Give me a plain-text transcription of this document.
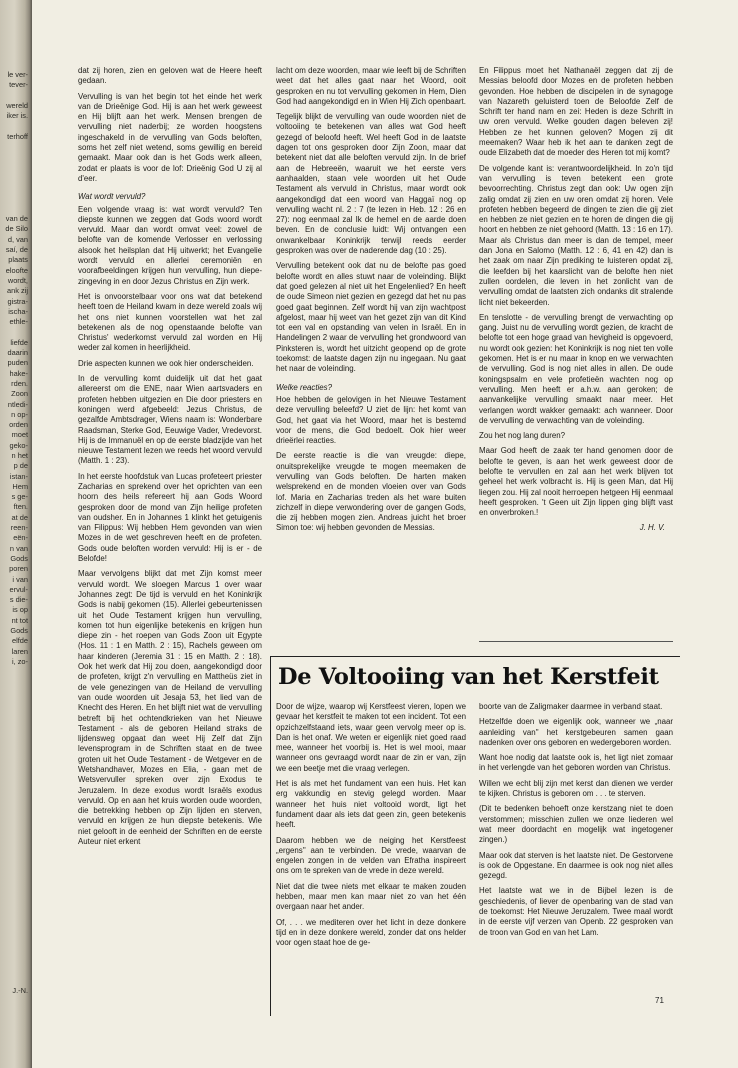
le ver-
tever-

wereld
iker is.

terhoff

van de
de Silo
d, van
saí, de
plaats
eloofte
wordt,
ank zij
gistra-
ischa-
ethle-

liefde
daarin
puden
hake-
rden.
Zoon
ntledi-
n op-
orden
moet
geko-
n het
p de
istan-
Hem
s ge-
ften.
at de
reen-
eën-
n van
Gods
poren
i van
ervul-
s die-
is op
nt tot
Gods
elfde
laren
i, zo-

J.-N.

dat zij horen, zien en geloven wat de Heere heeft gedaan.

Vervulling is van het begin tot het einde het werk van de Drieënige God. Hij is aan het werk geweest en Hij blijft aan het werk. Mensen brengen de vervulling niet naderbij; ze worden hoogstens ingeschakeld in de vervulling van Gods beloften, soms het zelf niet wetend, soms gewillig en bereid gemaakt. Maar ook dan is het Gods werk alleen, zodat er plaats is voor de lof: Drieënig God U zij al d'eer.

Wat wordt vervuld?

Een volgende vraag is: wat wordt vervuld? Ten diepste kunnen we zeggen dat Gods woord wordt vervuld. Maar dan wordt omvat veel: zowel de belofte van de komende Verlosser en verlossing alsook het heilsplan dat Hij uitwerkt; het Evangelie wordt vervuld en allerlei ceremoniën en voorafbeeldingen krijgen hun vervulling, hun diepe-zingeving in en door Jezus Christus en Zijn werk.

Het is onvoorstelbaar voor ons wat dat betekend heeft toen de Heiland kwam in deze wereld zoals wij het ons niet kunnen voorstellen wat het zal betekenen als de nog openstaande belofte van Christus' wederkomst vervuld zal worden en Hij weder zal komen in heerlijkheid.

Drie aspecten kunnen we ook hier onderscheiden.

In de vervulling komt duidelijk uit dat het gaat allereerst om die ENE, naar Wien aartsvaders en profeten hebben uitgezien en Die door priesters en koningen werd afgebeeld: Jezus Christus, de gezalfde Ambtsdrager, Wiens naam is: Wonderbare Raadsman, Sterke God, Eeuwige Vader, Vredevorst. Hij is de Immanuël en op de eerste bladzijde van het nieuwe Testament lezen we reeds het woord vervuld (Matth. 1 : 23).

In het eerste hoofdstuk van Lucas profeteert priester Zacharias en sprekend over het oprichten van een hoorn des heils refereert hij aan Gods Woord gesproken door de mond van Zijn heilige profeten van oudsher. En in Johannes 1 klinkt het getuigenis van Filippus: Wij hebben Hem gevonden van wien Mozes in de wet geschreven heeft en de profeten. Gods oude beloften worden vervuld: Hij is er - de Belofde!

Maar vervolgens blijkt dat met Zijn komst meer vervuld wordt. We sloegen Marcus 1 over waar Johannes zegt: De tijd is vervuld en het Koninkrijk Gods is nabij gekomen (15). Allerlei gebeurtenissen uit het Oude Testament krijgen hun vervulling, komen tot hun eigenlijke betekenis en krijgen hun diepe zin - het roepen van Gods Zoon uit Egypte (Hos. 11 : 1 en Matth. 2 : 15), Rachels geween om haar kinderen (Jeremia 31 : 15 en Matth. 2 : 18). Ook het werk dat Hij zou doen, aangekondigd door de profeten, krijgt z'n vervulling en Mattheüs ziet in de vele genezingen van de Heiland de vervulling van oude woorden uit Jesaja 53, het lied van de Knecht des Heren. En het blijft niet wat de vervulling betreft bij het ochtendkrieken van het Nieuwe Testament - als de geboren Heiland straks de lijdensweg opgaat dan weet Hij Zelf dat Zijn levensprogram in de Schriften staat en de twee groten uit het Oude Testament - de Wetgever en de Wetshandhaver, Mozes en Elia, - gaan met de Wetsvervuller spreken over zijn Exodus te Jeruzalem. In deze exodus wordt Israëls exodus vervuld. Op en aan het kruis worden oude woorden, die betrekking hebben op Zijn lijden en sterven, vervuld en krijgen ze hun diepste betekenis. Wie niet gelooft in de eenheid der Schriften en de eerste Auteur niet erkent

lacht om deze woorden, maar wie leeft bij de Schriften weet dat het alles gaat naar het Woord, ooit gesproken en nu tot vervulling gekomen in Hem, Dien God had aangekondigd en in Wien Hij Zich openbaart.

Tegelijk blijkt de vervulling van oude woorden niet de voltooiing te betekenen van alles wat God heeft gezegd of beloofd heeft. Wel heeft God in de laatste dagen tot ons gesproken door Zijn Zoon, maar dat betekent niet dat alle beloften vervuld zijn. In de brief aan de Hebreeën, waaruit we het eerste vers aanhaalden, staan vele woorden uit het Oude Testament als vervuld in Christus, maar wordt ook aangekondigd dat een woord van Haggaï nog op vervulling wacht nl. 2 : 7 (te lezen in Heb. 12 : 26 en 27): nog eenmaal zal Ik de hemel en de aarde doen beven. En de conclusie luidt: Wij ontvangen een onwankelbaar Koninkrijk terwijl reeds eerder gesproken was over de naderende dag (10 : 25).

Vervulling betekent ook dat nu de belofte pas goed belofte wordt en alles stuwt naar de voleinding. Blijkt dat goed gelezen al niet uit het Engelenlied? En heeft de oude Simeon niet gezien en gezegd dat het nu pas goed gaat beginnen. Zelf wordt hij van zijn wachtpost afgelost, maar hij weet van het gezet zijn van dit Kind tot een val en opstanding van velen in Israël. En in Handelingen 2 waar de vervulling het grondwoord van Pinksteren is, wordt het uitzicht geopend op de grote toekomst: de laatste dagen zijn nu ingegaan. Nu gaat het naar de voleinding.

Welke reacties?

Hoe hebben de gelovigen in het Nieuwe Testament deze vervulling beleefd? U ziet de lijn: het komt van God, het gaat via het Woord, maar het is bestemd voor de mens, die God bedoelt. Ook hier weer drieërlei reacties.

De eerste reactie is die van vreugde: diepe, onuitsprekelijke vreugde te mogen meemaken de vervulling van Gods beloften. De harten maken welsprekend en de monden vloeien over van Gods lof. Maria en Zacharias treden als het ware buiten zichzelf in diepe verwondering over de gangen Gods, die zij hebben mogen zien. Andreas juicht het broer Simon toe: wij hebben gevonden de Messias.

En Filippus moet het Nathanaël zeggen dat zij de Messias beloofd door Mozes en de profeten hebben gevonden. Hoe hebben de discipelen in de synagoge van Nazareth geluisterd toen de Beloofde Zelf de Schrift ter hand nam en zei: Heden is deze Schrift in uw oren vervuld. Welke gouden dagen beleven zij! Hebben ze het kunnen geloven? Mogen zij dit meemaken? Waar heb ik het aan te danken zegt de oude Elizabeth dat de moeder des Heren tot mij komt?

De volgende kant is: verantwoordelijkheid. In zo'n tijd van vervulling is teven betekent een grote bevoorrechting. Christus zegt dan ook: Uw ogen zijn zalig omdat zij zien en uw oren omdat zij horen. Vele profeten hebben begeerd de dingen te zien die gij ziet en hebben ze niet gezien en te horen de dingen die gij hoort en hebben ze niet gehoord (Matth. 13 : 16 en 17). Maar als Christus dan meer is dan de tempel, meer dan Jona en Salomo (Matth. 12 : 6, 41 en 42) dan is het zaak om naar Zijn prediking te luisteren opdat zij, die leefden bij het kaarslicht van de belofte hen niet zullen oordelen, die leven in het zonlicht van de vervulling omdat de laatsten zich ondanks dit stralende licht niet bekeerden.

En tenslotte - de vervulling brengt de verwachting op gang. Juist nu de vervulling wordt gezien, de kracht de belofte tot een hoge graad van hevigheid is opgevoerd, nu wordt ook gezien: het Koninkrijk is nog niet ten volle gekomen. Het is er nu maar in knop en we verwachten de vervulling. God is nog niet alles in allen. De oude koningspsalm en vele profetieën wachten nog op vervulling. Men heeft er a.h.w. aan geroken; de aanvankelijke vervulling smaakt naar meer. Het verlangen wordt wakker gemaakt: ach wanneer. Door de vervulling de verwachting van de voleinding.

Zou het nog lang duren?

Maar God heeft de zaak ter hand genomen door de belofte te geven, is aan het werk geweest door de belofte te vervullen en zal aan het werk blijven tot geheel het werk volbracht is. Hij is geen Man, dat Hij liegen zou. Hij zal nooit herroepen hetgeen Hij eenmaal heeft gesproken. 't Geen uit Zijn lippen ging blijft vast en onverbroken.!

J. H. V.

De Voltooiing van het Kerstfeit

Door de wijze, waarop wij Kerstfeest vieren, lopen we gevaar het kerstfeit te maken tot een incident. Tot een opzichzelfstaand iets, waar geen vervolg meer op is. Dan is het onaf. We weten er eigenlijk niet goed raad mee, wanneer het voorbij is. Het is wel mooi, maar wanneer ons gevraagd wordt naar de zin er van, zijn we een beetje met die vraag verlegen.

Het is als met het fundament van een huis. Het kan erg vakkundig en stevig gelegd worden. Maar wanneer het huis niet voltooid wordt, ligt het fundament daar als iets dat geen zin, geen betekenis heeft.

Daarom hebben we de neiging het Kerstfeest „ergens'' aan te verbinden. De vrede, waarvan de engelen zongen in de velden van Efratha inspireert ons om te spreken van de vrede in deze wereld.

Niet dat die twee niets met elkaar te maken zouden hebben, maar men kan maar niet zo van het één overgaan naar het ander.

Of, . . . we mediteren over het licht in deze donkere tijd en in deze donkere wereld, zonder dat ons helder voor ogen staat hoe de ge-

boorte van de Zaligmaker daarmee in verband staat.

Hetzelfde doen we eigenlijk ook, wanneer we „naar aanleiding van'' het kerstgebeuren samen gaan nadenken over ons geboren en wedergeboren worden.

Want hoe nodig dat laatste ook is, het ligt niet zomaar in het verlengde van het geboren worden van Christus.

Willen we echt blij zijn met kerst dan dienen we verder te kijken. Christus is geboren om . . . te sterven.

(Dit te bedenken behoeft onze kerstzang niet te doen verstommen; misschien zullen we onze liederen wel wat meer doordacht en mogelijk wat ingetogener zingen.)

Maar ook dat sterven is het laatste niet. De Gestorvene is ook de Opgestane. En daarmee is ook nog niet alles gezegd.

Het laatste wat we in de Bijbel lezen is de geschiedenis, of liever de openbaring van de stad van de toekomst: Het Nieuwe Jeruzalem. Twee maal wordt in de eerste vijf verzen van Openb. 22 gesproken van de troon van God en van het Lam.

71
